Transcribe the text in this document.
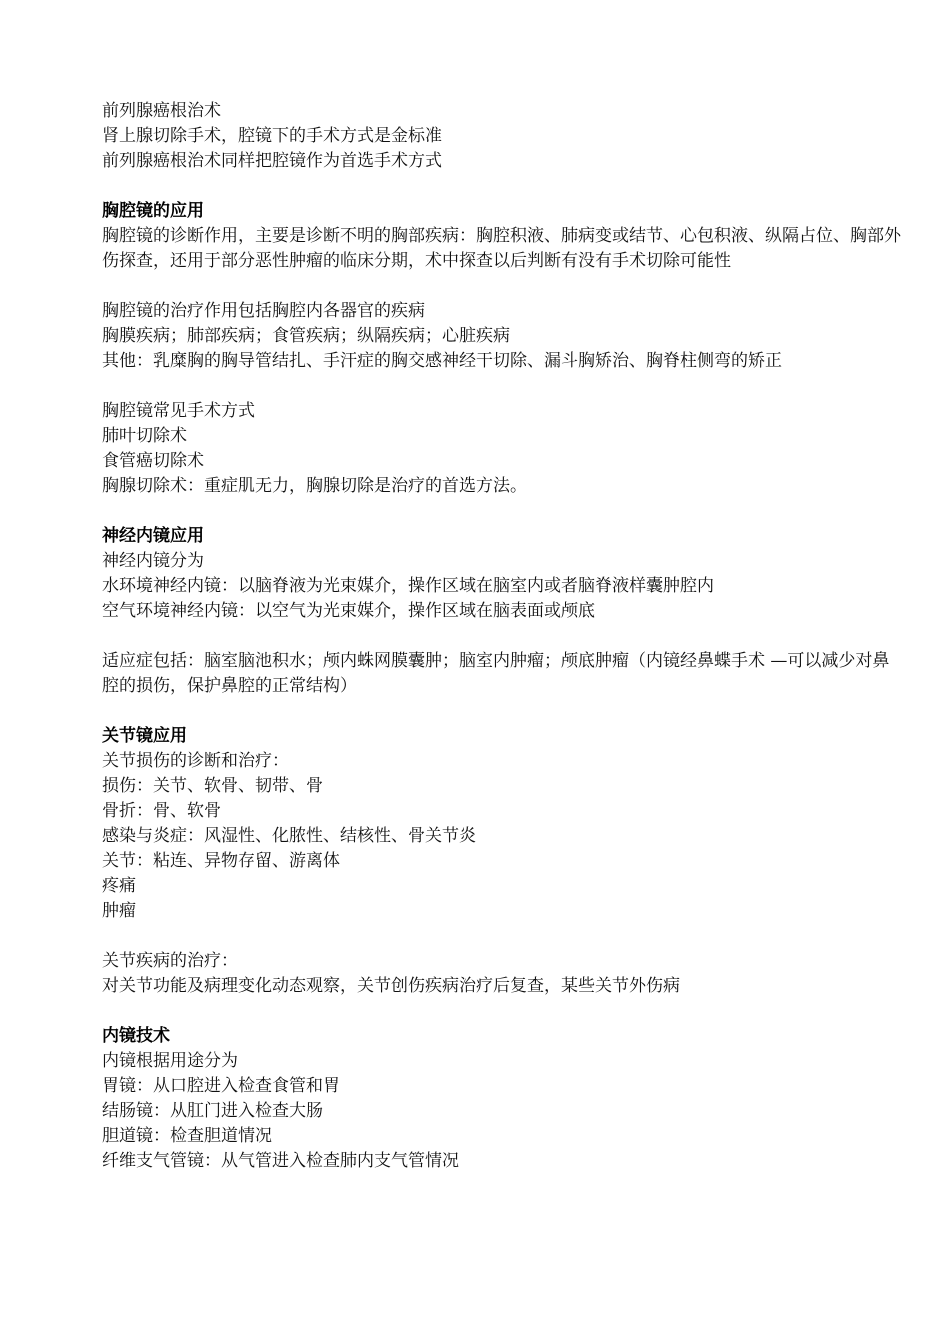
前列腺癌根治术

肾上腺切除手术，腔镜下的手术方式是金标准

前列腺癌根治术同样把腔镜作为首选手术方式

胸腔镜的应用

胸腔镜的诊断作用，主要是诊断不明的胸部疾病：胸腔积液、肺病变或结节、心包积液、纵隔占位、胸部外伤探查，还用于部分恶性肿瘤的临床分期，术中探查以后判断有没有手术切除可能性

胸腔镜的治疗作用包括胸腔内各器官的疾病

胸膜疾病；肺部疾病；食管疾病；纵隔疾病；心脏疾病

其他：乳糜胸的胸导管结扎、手汗症的胸交感神经干切除、漏斗胸矫治、胸脊柱侧弯的矫正

胸腔镜常见手术方式

肺叶切除术

食管癌切除术

胸腺切除术：重症肌无力，胸腺切除是治疗的首选方法。

神经内镜应用

神经内镜分为

水环境神经内镜：以脑脊液为光束媒介，操作区域在脑室内或者脑脊液样囊肿腔内

空气环境神经内镜：以空气为光束媒介，操作区域在脑表面或颅底

适应症包括：脑室脑池积水；颅内蛛网膜囊肿；脑室内肿瘤；颅底肿瘤（内镜经鼻蝶手术 —可以减少对鼻腔的损伤，保护鼻腔的正常结构）

关节镜应用

关节损伤的诊断和治疗：

损伤：关节、软骨、韧带、骨

骨折：骨、软骨

感染与炎症：风湿性、化脓性、结核性、骨关节炎

关节：粘连、异物存留、游离体

疼痛

肿瘤

关节疾病的治疗：

对关节功能及病理变化动态观察，关节创伤疾病治疗后复查，某些关节外伤病

内镜技术

内镜根据用途分为

胃镜：从口腔进入检查食管和胃

结肠镜：从肛门进入检查大肠

胆道镜：检查胆道情况

纤维支气管镜：从气管进入检查肺内支气管情况
